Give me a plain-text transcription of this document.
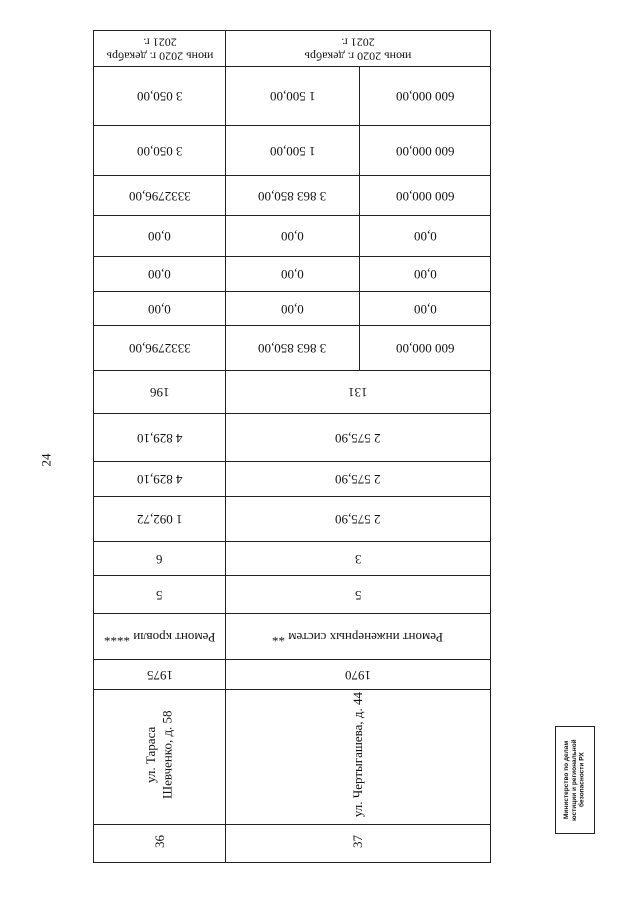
24
июнь 2020 г. декабрь 2021 г.	июнь 2020 г. декабрь 2021 г.	
3 050,00	1 500,00	600 000,00
3 050,00	1 500,00	600 000,00
3332796,00	3 863 850,00	600 000,00
0,00	0,00	0,00
0,00	0,00	0,00
0,00	0,00	0,00
3332796,00	3 863 850,00	600 000,00
196	131	
4 829,10	2 575,90	
4 829,10	2 575,90	
1 092,72	2 575,90	
6	3	
5	5	
Ремонт кровли ****	Ремонт инженерных систем **	
1975	1970	
ул. Тараса Шевченко, д. 58	ул. Чертыгашева, д. 44	
36	37	
Министерство по делам юстиции и региональной безопасности РХ
